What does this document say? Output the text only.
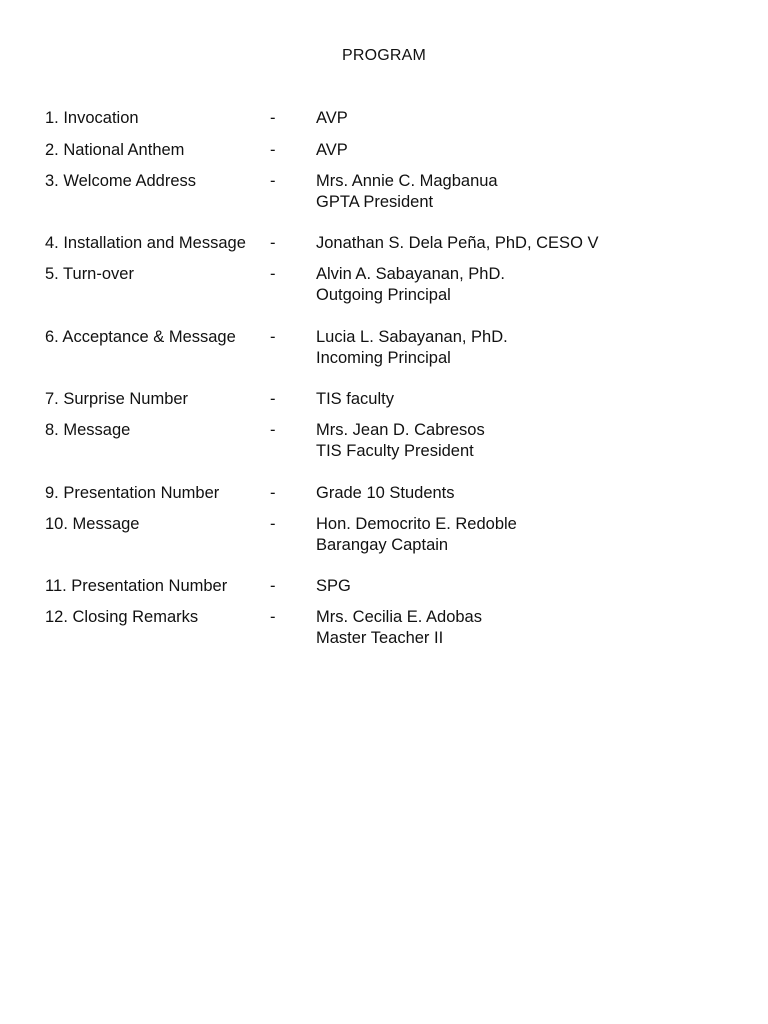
PROGRAM
1. Invocation	-	AVP
2. National Anthem	-	AVP
3. Welcome Address	-	Mrs. Annie C. Magbanua
GPTA President
4. Installation and Message	-	Jonathan S. Dela Peña, PhD, CESO V
5. Turn-over	-	Alvin A. Sabayanan, PhD.
Outgoing Principal
6. Acceptance & Message	-	Lucia L. Sabayanan, PhD.
Incoming Principal
7. Surprise Number	-	TIS faculty
8. Message	-	Mrs. Jean D. Cabresos
TIS Faculty President
9. Presentation Number	-	Grade 10 Students
10. Message	-	Hon. Democrito E. Redoble
Barangay Captain
11. Presentation Number	-	SPG
12. Closing Remarks	-	Mrs. Cecilia E. Adobas
Master Teacher II
